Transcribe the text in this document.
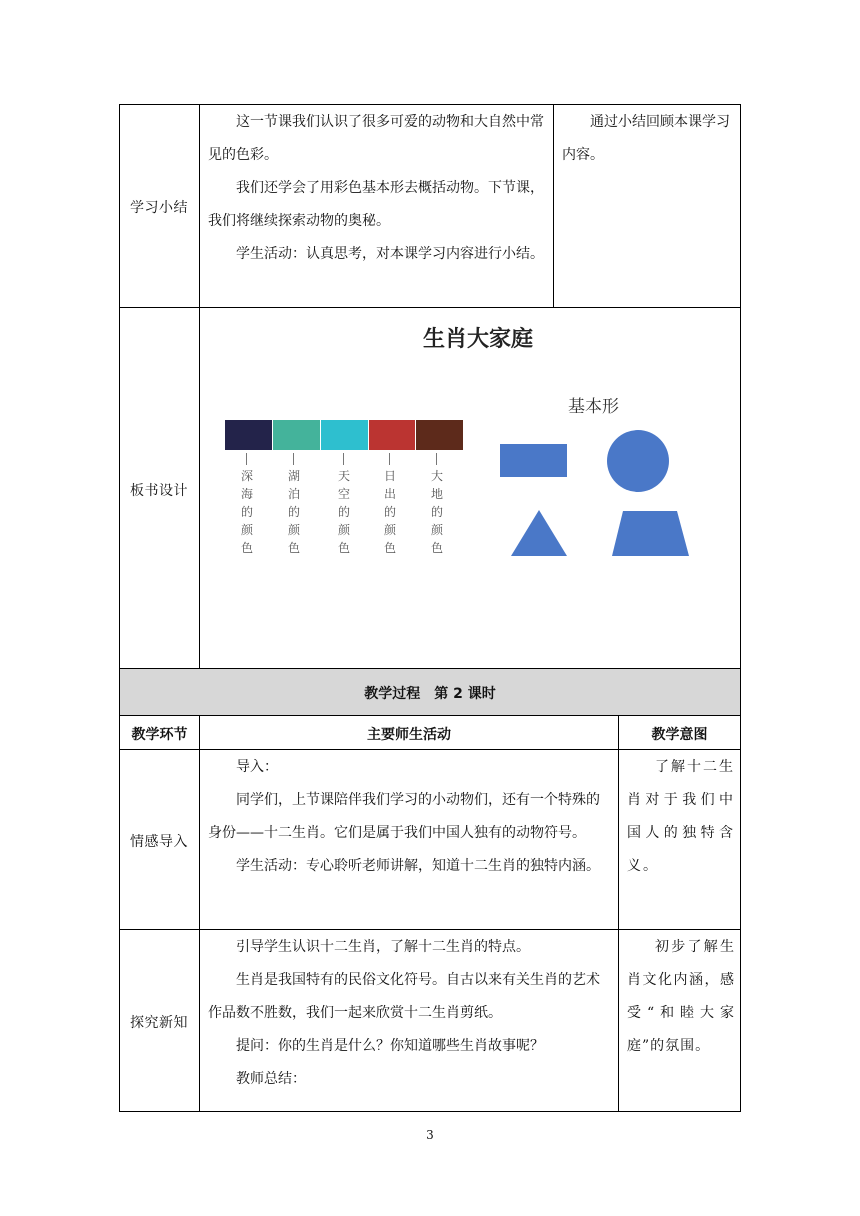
学习小结

这一节课我们认识了很多可爱的动物和大自然中常见的色彩。

我们还学会了用彩色基本形去概括动物。下节课，我们将继续探索动物的奥秘。

学生活动：认真思考，对本课学习内容进行小结。

通过小结回顾本课学习内容。

板书设计
生肖大家庭
基本形
深
海
的
颜
色
湖
泊
的
颜
色
天
空
的
颜
色
日
出
的
颜
色
大
地
的
颜
色
教学过程　第 2 课时
教学环节	主要师生活动	教学意图
情感导入

导入：

同学们，上节课陪伴我们学习的小动物们，还有一个特殊的身份——十二生肖。它们是属于我们中国人独有的动物符号。

学生活动：专心聆听老师讲解，知道十二生肖的独特内涵。

了解十二生肖对于我们中国人的独特含义。

探究新知

引导学生认识十二生肖，了解十二生肖的特点。

生肖是我国特有的民俗文化符号。自古以来有关生肖的艺术作品数不胜数，我们一起来欣赏十二生肖剪纸。

提问：你的生肖是什么？你知道哪些生肖故事呢？

教师总结：

初步了解生肖文化内涵，感受“和睦大家庭”的氛围。

3
